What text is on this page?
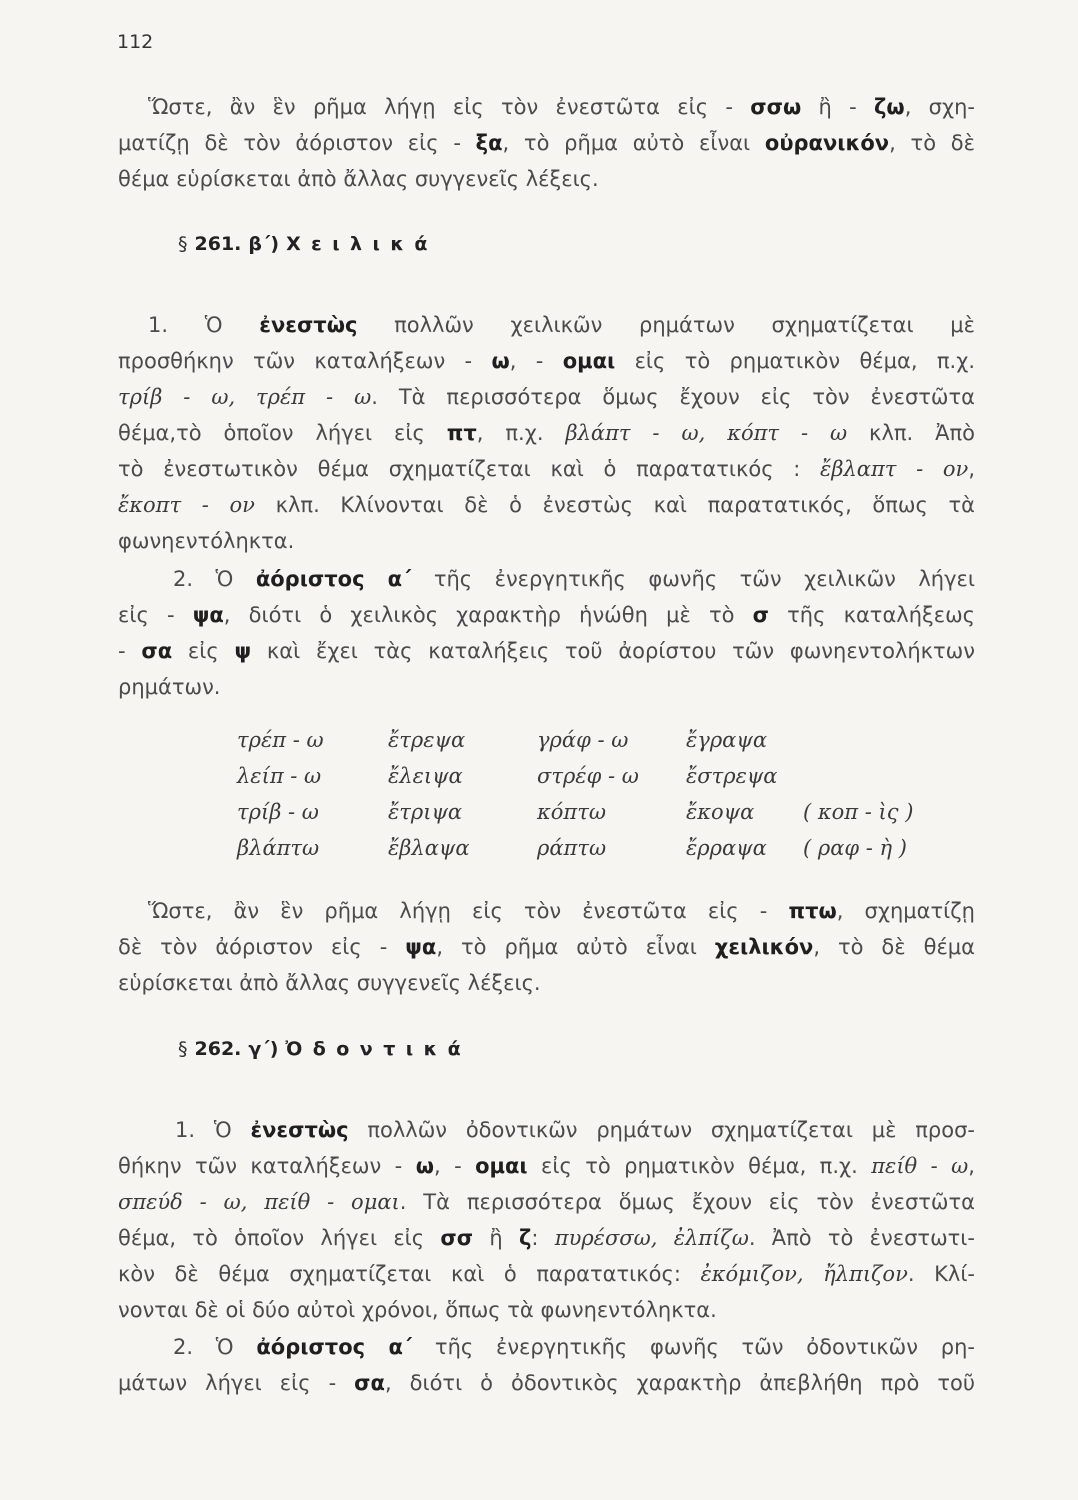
112
Ὥστε, ἂν ἓν ρῆμα λήγῃ εἰς τὸν ἐνεστῶτα εἰς - σσω ἢ - ζω, σχη-
ματίζῃ δὲ τὸν ἀόριστον εἰς - ξα, τὸ ρῆμα αὐτὸ εἶναι οὐρανικόν, τὸ δὲ
θέμα εὑρίσκεται ἀπὸ ἄλλας συγγενεῖς λέξεις.
§ 261. β΄) Χειλικά
1. Ὁ ἐνεστὼς πολλῶν χειλικῶν ρημάτων σχηματίζεται μὲ
προσθήκην τῶν καταλήξεων - ω, - ομαι εἰς τὸ ρηματικὸν θέμα, π.χ.
τρίβ - ω, τρέπ - ω. Τὰ περισσότερα ὅμως ἔχουν εἰς τὸν ἐνεστῶτα
θέμα,τὸ ὁποῖον λήγει εἰς πτ, π.χ. βλάπτ - ω, κόπτ - ω κλπ. Ἀπὸ
τὸ ἐνεστωτικὸν θέμα σχηματίζεται καὶ ὁ παρατατικός : ἔβλαπτ - ον,
ἔκοπτ - ον κλπ. Κλίνονται δὲ ὁ ἐνεστὼς καὶ παρατατικός, ὅπως τὰ
φωνηεντόληκτα.
2. Ὁ ἀόριστος α΄ τῆς ἐνεργητικῆς φωνῆς τῶν χειλικῶν λήγει
εἰς - ψα, διότι ὁ χειλικὸς χαρακτὴρ ἡνώθη μὲ τὸ σ τῆς καταλήξεως
- σα εἰς ψ καὶ ἔχει τὰς καταλήξεις τοῦ ἀορίστου τῶν φωνηεντολήκτων
ρημάτων.
τρέπ - ω	ἔτρεψα	γράφ - ω	ἔγραψα
λείπ - ω	ἔλειψα	στρέφ - ω ἔστρεψα
τρίβ - ω	ἔτριψα	κόπτω	ἔκοψα ( κοπ - ὶς )
βλάπτω	ἔβλαψα	ράπτω	ἔρραψα ( ραφ - ὴ )
Ὥστε, ἂν ἓν ρῆμα λήγῃ εἰς τὸν ἐνεστῶτα εἰς - πτω, σχηματίζῃ
δὲ τὸν ἀόριστον εἰς - ψα, τὸ ρῆμα αὐτὸ εἶναι χειλικόν, τὸ δὲ θέμα
εὑρίσκεται ἀπὸ ἄλλας συγγενεῖς λέξεις.
§ 262. γ΄) Ὀδοντικά
1. Ὁ ἐνεστὼς πολλῶν ὀδοντικῶν ρημάτων σχηματίζεται μὲ προσ-
θήκην τῶν καταλήξεων - ω, - ομαι εἰς τὸ ρηματικὸν θέμα, π.χ. πείθ - ω,
σπεύδ - ω, πείθ - ομαι. Τὰ περισσότερα ὅμως ἔχουν εἰς τὸν ἐνεστῶτα
θέμα, τὸ ὁποῖον λήγει εἰς σσ ἢ ζ: πυρέσσω, ἐλπίζω. Ἀπὸ τὸ ἐνεστωτι-
κὸν δὲ θέμα σχηματίζεται καὶ ὁ παρατατικός: ἐκόμιζον, ἤλπιζον. Κλί-
νονται δὲ οἱ δύο αὐτοὶ χρόνοι, ὅπως τὰ φωνηεντόληκτα.
2. Ὁ ἀόριστος α΄ τῆς ἐνεργητικῆς φωνῆς τῶν ὀδοντικῶν ρη-
μάτων λήγει εἰς - σα, διότι ὁ ὀδοντικὸς χαρακτὴρ ἀπεβλήθη πρὸ τοῦ
